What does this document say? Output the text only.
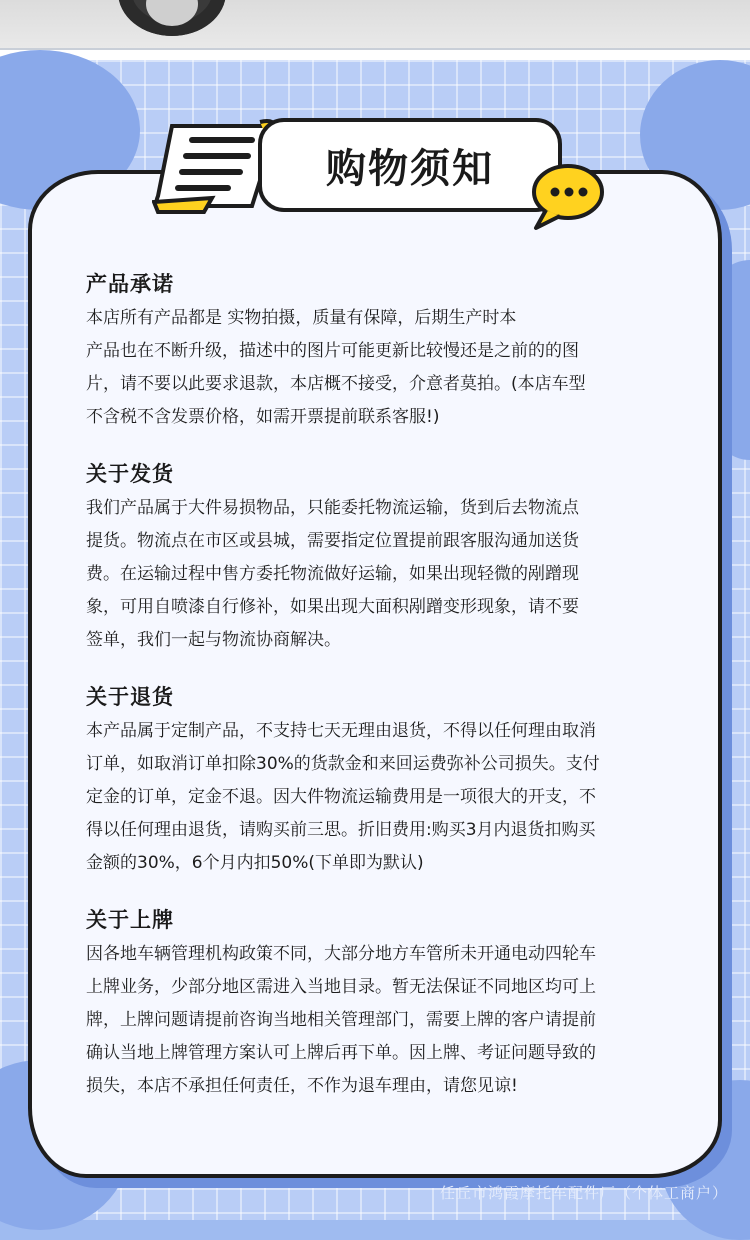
购物须知
产品承诺
本店所有产品都是 实物拍摄，质量有保障，后期生产时本
产品也在不断升级，描述中的图片可能更新比较慢还是之前的的图
片，请不要以此要求退款，本店概不接受，介意者莫拍。(本店车型
不含税不含发票价格，如需开票提前联系客服!)
关于发货
我们产品属于大件易损物品，只能委托物流运输，货到后去物流点
提货。物流点在市区或县城，需要指定位置提前跟客服沟通加送货
费。在运输过程中售方委托物流做好运输，如果出现轻微的剐蹭现
象，可用自喷漆自行修补，如果出现大面积剐蹭变形现象，请不要
签单，我们一起与物流协商解决。
关于退货
本产品属于定制产品，不支持七天无理由退货，不得以任何理由取消
订单，如取消订单扣除30%的货款金和来回运费弥补公司损失。支付
定金的订单，定金不退。因大件物流运输费用是一项很大的开支，不
得以任何理由退货，请购买前三思。折旧费用:购买3月内退货扣购买
金额的30%，6个月内扣50%(下单即为默认)
关于上牌
因各地车辆管理机构政策不同，大部分地方车管所未开通电动四轮车
上牌业务，少部分地区需进入当地目录。暂无法保证不同地区均可上
牌，上牌问题请提前咨询当地相关管理部门，需要上牌的客户请提前
确认当地上牌管理方案认可上牌后再下单。因上牌、考证问题导致的
损失，本店不承担任何责任，不作为退车理由，请您见谅!
任丘市鸿霞摩托车配件厂（个体工商户）
